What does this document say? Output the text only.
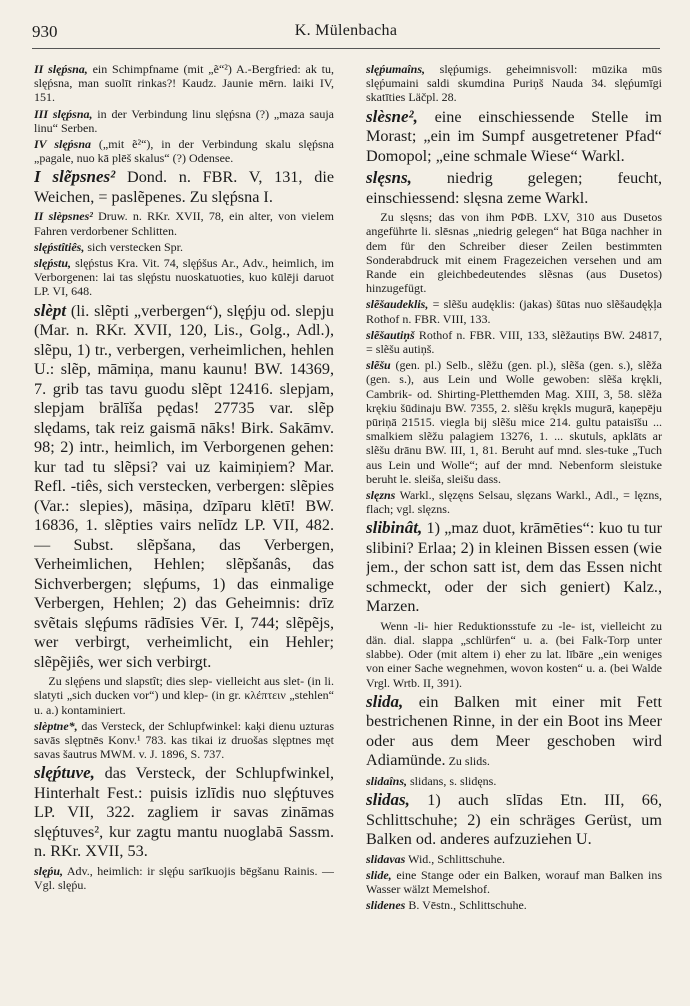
930	K. Mülenbacha

II slęṕsna, ein Schimpfname (mit „ẽ“²) A.-Bergfried: ak tu, slęṕsna, man suolīt rinkas?! Kaudz. Jaunie mērn. laiki IV, 151.

III slęṕsna, in der Verbindung linu slęṕsna (?) „maza sauja linu“ Serben.

IV slęṕsna („mit ẽ²“), in der Verbindung skalu slęṕsna „pagale, nuo kā plēš skalus“ (?) Odensee.

I slẽpsnes² Dond. n. FBR. V, 131, die Weichen, = paslẽpenes. Zu slęṕsna I.

II slèpsnes² Druw. n. RKr. XVII, 78, ein alter, von vielem Fahren verdorbener Schlitten.

slęṕstîtiês, sich verstecken Spr.

slęṕstu, slęṕstus Kra. Vit. 74, slęṕšus Ar., Adv., heimlich, im Verborgenen: lai tas slęṕstu nuoskatuoties, kuo kūlēji daruot LP. VI, 648.

slèpt (li. slẽpti „verbergen“), slęṕju od. slepju (Mar. n. RKr. XVII, 120, Lis., Golg., Adl.), slẽpu, 1) tr., verbergen, verheimlichen, hehlen U.: slẽp, māmiņa, manu kaunu! BW. 14369, 7. grib tas tavu guodu slẽpt 12416. slepjam, slepjam brālīša pędas! 27735 var. slẽp slędams, tak reiz gaismā nāks! Birk. Sakāmv. 98; 2) intr., heimlich, im Verborgenen gehen: kur tad tu slẽpsi? vai uz kaimiņiem? Mar. Refl. -tiês, sich verstecken, verbergen: slẽpies (Var.: slepies), māsiņa, dzīparu klētī! BW. 16836, 1. slẽpties vairs nelīdz LP. VII, 482. — Subst. slẽpšana, das Verbergen, Verheimlichen, Hehlen; slẽpšanâs, das Sichverbergen; slęṕums, 1) das einmalige Verbergen, Hehlen; 2) das Geheimnis: drīz svẽtais slęṕums rādīsies Vēr. I, 744; slẽpẽjs, wer verbirgt, verheimlicht, ein Hehler; slẽpẽjiês, wer sich verbirgt.

Zu slęṕens und slapstît; dies slep- vielleicht aus slet- (in li. slatyti „sich ducken vor“) und klep- (in gr. κλέπτειν „stehlen“ u. a.) kontaminiert.

slèptne*, das Versteck, der Schlupfwinkel: kaķi dienu uzturas savās slęptnēs Konv.¹ 783. kas tikai iz druošas slęptnes męt savas šautrus MWM. v. J. 1896, S. 737.

slęṕtuve, das Versteck, der Schlupfwinkel, Hinterhalt Fest.: puisis izlīdis nuo slęṕtuves LP. VII, 322. zagliem ir savas zināmas slęṕtuves², kur zagtu mantu nuoglabā Sassm. n. RKr. XVII, 53.

slęṕu, Adv., heimlich: ir slęṕu sarīkuojis bēgšanu Rainis. — Vgl. slęṕu.

slęṕumaîns, slęṕumigs. geheimnisvoll: mūzika mūs slęṕumaini saldi skumdina Puriņš Nauda 34. slęṕumīgi skatīties Läčpl. 28.

slèsne², eine einschiessende Stelle im Morast; „ein im Sumpf ausgetretener Pfad“ Domopol; „eine schmale Wiese“ Warkl.

slęsns, niedrig gelegen; feucht, einschiessend: slęsna zeme Warkl.

Zu slęsns; das von ihm PΦB. LXV, 310 aus Dusetos angeführte li. slēsnas „niedrig gelegen“ hat Būga nachher in dem für den Schreiber dieser Zeilen bestimmten Sonderabdruck mit einem Fragezeichen versehen und am Rande ein gleichbedeutendes slẽsnas (aus Dusetos) hinzugefügt.

slẽšaudeklis, = slẽšu audęklis: (jakas) šūtas nuo slẽšaudęķļa Rothof n. FBR. VIII, 133.

slẽšautiņš Rothof n. FBR. VIII, 133, slẽžautiņs BW. 24817, = slẽšu autiņš.

slẽšu (gen. pl.) Selb., slẽžu (gen. pl.), slẽša (gen. s.), slẽža (gen. s.), aus Lein und Wolle gewoben: slẽša krękli, Cambrik- od. Shirting-Pletthemden Mag. XIII, 3, 58. slẽža krękiu šūdinaju BW. 7355, 2. slẽšu krękls mugurā, kaņepēju pūriņā 21515. viegla bij slẽšu mice 214. gultu pataisīšu ... smalkiem slẽžu palagiem 13276, 1. ... skutuls, apklāts ar slẽšu drānu BW. III, 1, 81. Beruht auf mnd. sles-tuke „Tuch aus Lein und Wolle“; auf der mnd. Nebenform sleistuke beruht le. sleiša, sleišu dass.

slęzns Warkl., slęzęns Selsau, slęzans Warkl., Adl., = lęzns, flach; vgl. slęzns.

slibinât, 1) „maz duot, krāmēties“: kuo tu tur slibini? Erlaa; 2) in kleinen Bissen essen (wie jem., der schon satt ist, dem das Essen nicht schmeckt, oder der sich geniert) Kalz., Marzen.

Wenn -li- hier Reduktionsstufe zu -le- ist, vielleicht zu dän. dial. slappa „schlürfen“ u. a. (bei Falk-Torp unter slabbe). Oder (mit altem i) eher zu lat. lībāre „ein weniges von einer Sache wegnehmen, wovon kosten“ u. a. (bei Walde Vrgl. Wrtb. II, 391).

slida, ein Balken mit einer mit Fett bestrichenen Rinne, in der ein Boot ins Meer oder aus dem Meer geschoben wird Adiamünde. Zu slids.

slidaîns, slidans, s. slidęns.

slidas, 1) auch slīdas Etn. III, 66, Schlittschuhe; 2) ein schräges Gerüst, um Balken od. anderes aufzuziehen U.

slidavas Wid., Schlittschuhe.

slide, eine Stange oder ein Balken, worauf man Balken ins Wasser wälzt Memelshof.

slidenes B. Vēstn., Schlittschuhe.
